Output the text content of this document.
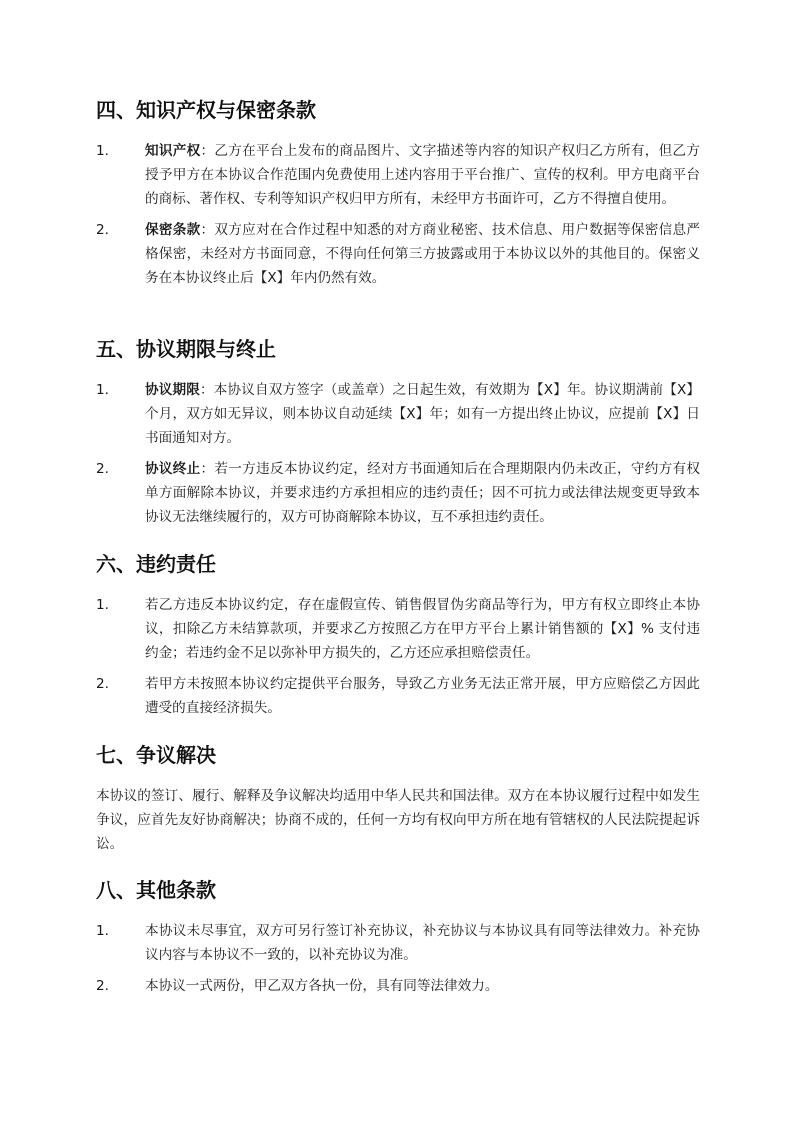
四、知识产权与保密条款
1.	知识产权：乙方在平台上发布的商品图片、文字描述等内容的知识产权归乙方所有，但乙方授予甲方在本协议合作范围内免费使用上述内容用于平台推广、宣传的权利。甲方电商平台的商标、著作权、专利等知识产权归甲方所有，未经甲方书面许可，乙方不得擅自使用。
2.	保密条款：双方应对在合作过程中知悉的对方商业秘密、技术信息、用户数据等保密信息严格保密，未经对方书面同意，不得向任何第三方披露或用于本协议以外的其他目的。保密义务在本协议终止后【X】年内仍然有效。
五、协议期限与终止
1.	协议期限：本协议自双方签字（或盖章）之日起生效，有效期为【X】年。协议期满前【X】个月，双方如无异议，则本协议自动延续【X】年；如有一方提出终止协议，应提前【X】日书面通知对方。
2.	协议终止：若一方违反本协议约定，经对方书面通知后在合理期限内仍未改正，守约方有权单方面解除本协议，并要求违约方承担相应的违约责任；因不可抗力或法律法规变更导致本协议无法继续履行的，双方可协商解除本协议，互不承担违约责任。
六、违约责任
1.	若乙方违反本协议约定，存在虚假宣传、销售假冒伪劣商品等行为，甲方有权立即终止本协议，扣除乙方未结算款项，并要求乙方按照乙方在甲方平台上累计销售额的【X】% 支付违约金；若违约金不足以弥补甲方损失的，乙方还应承担赔偿责任。
2.	若甲方未按照本协议约定提供平台服务，导致乙方业务无法正常开展，甲方应赔偿乙方因此遭受的直接经济损失。
七、争议解决
本协议的签订、履行、解释及争议解决均适用中华人民共和国法律。双方在本协议履行过程中如发生争议，应首先友好协商解决；协商不成的，任何一方均有权向甲方所在地有管辖权的人民法院提起诉讼。
八、其他条款
1.	本协议未尽事宜，双方可另行签订补充协议，补充协议与本协议具有同等法律效力。补充协议内容与本协议不一致的，以补充协议为准。
2.	本协议一式两份，甲乙双方各执一份，具有同等法律效力。
